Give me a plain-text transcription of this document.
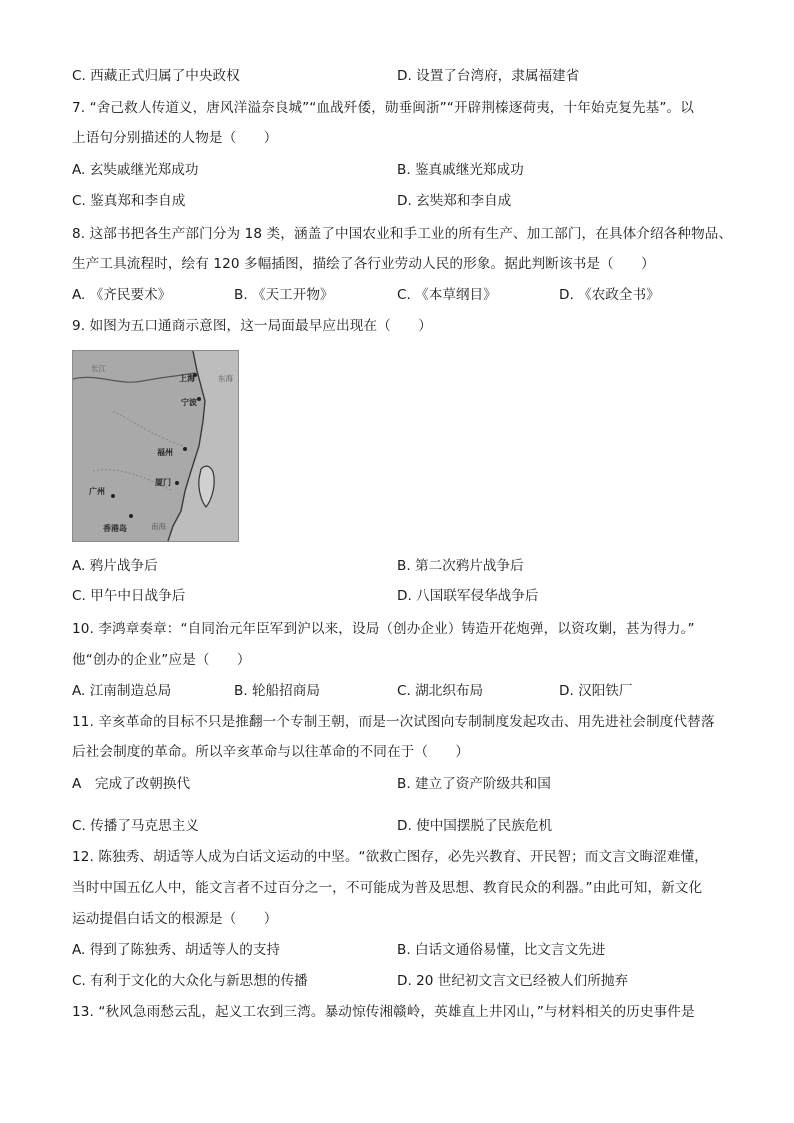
C. 西藏正式归属了中央政权	D. 设置了台湾府，隶属福建省
7. “舍己救人传道义，唐风洋溢奈良城”“血战歼倭，勋垂闽浙”“开辟荆榛逐荷夷，十年始克复先基”。以
上语句分别描述的人物是（　　）
A. 玄奘戚继光郑成功	B. 鉴真戚继光郑成功
C. 鉴真郑和李自成	D. 玄奘郑和李自成
8. 这部书把各生产部门分为 18 类，涵盖了中国农业和手工业的所有生产、加工部门，在具体介绍各种物品、
生产工具流程时，绘有 120 多幅插图，描绘了各行业劳动人民的形象。据此判断该书是（　　）
A. 《齐民要术》	B. 《天工开物》	C. 《本草纲目》	D. 《农政全书》
9. 如图为五口通商示意图，这一局面最早应出现在（　　）
长江
东海
上海
宁波
福州
厦门
广州
香港岛	南海
A. 鸦片战争后	B. 第二次鸦片战争后
C. 甲午中日战争后	D. 八国联军侵华战争后
10. 李鸿章奏章：“自同治元年臣军到沪以来，设局（创办企业）铸造开花炮弹，以资攻剿，甚为得力。”
他“创办的企业”应是（　　）
A. 江南制造总局	B. 轮船招商局	C. 湖北织布局	D. 汉阳铁厂
11. 辛亥革命的目标不只是推翻一个专制王朝，而是一次试图向专制制度发起攻击、用先进社会制度代替落
后社会制度的革命。所以辛亥革命与以往革命的不同在于（　　）
A　完成了改朝换代	B. 建立了资产阶级共和国
C. 传播了马克思主义	D. 使中国摆脱了民族危机
12. 陈独秀、胡适等人成为白话文运动的中坚。“欲救亡图存，必先兴教育、开民智；而文言文晦涩难懂，
当时中国五亿人中，能文言者不过百分之一，不可能成为普及思想、教育民众的利器。”由此可知，新文化
运动提倡白话文的根源是（　　）
A. 得到了陈独秀、胡适等人的支持	B. 白话文通俗易懂，比文言文先进
C. 有利于文化的大众化与新思想的传播	D. 20 世纪初文言文已经被人们所抛弃
13. “秋风急雨愁云乱，起义工农到三湾。暴动惊传湘赣岭，英雄直上井冈山，”与材料相关的历史事件是
